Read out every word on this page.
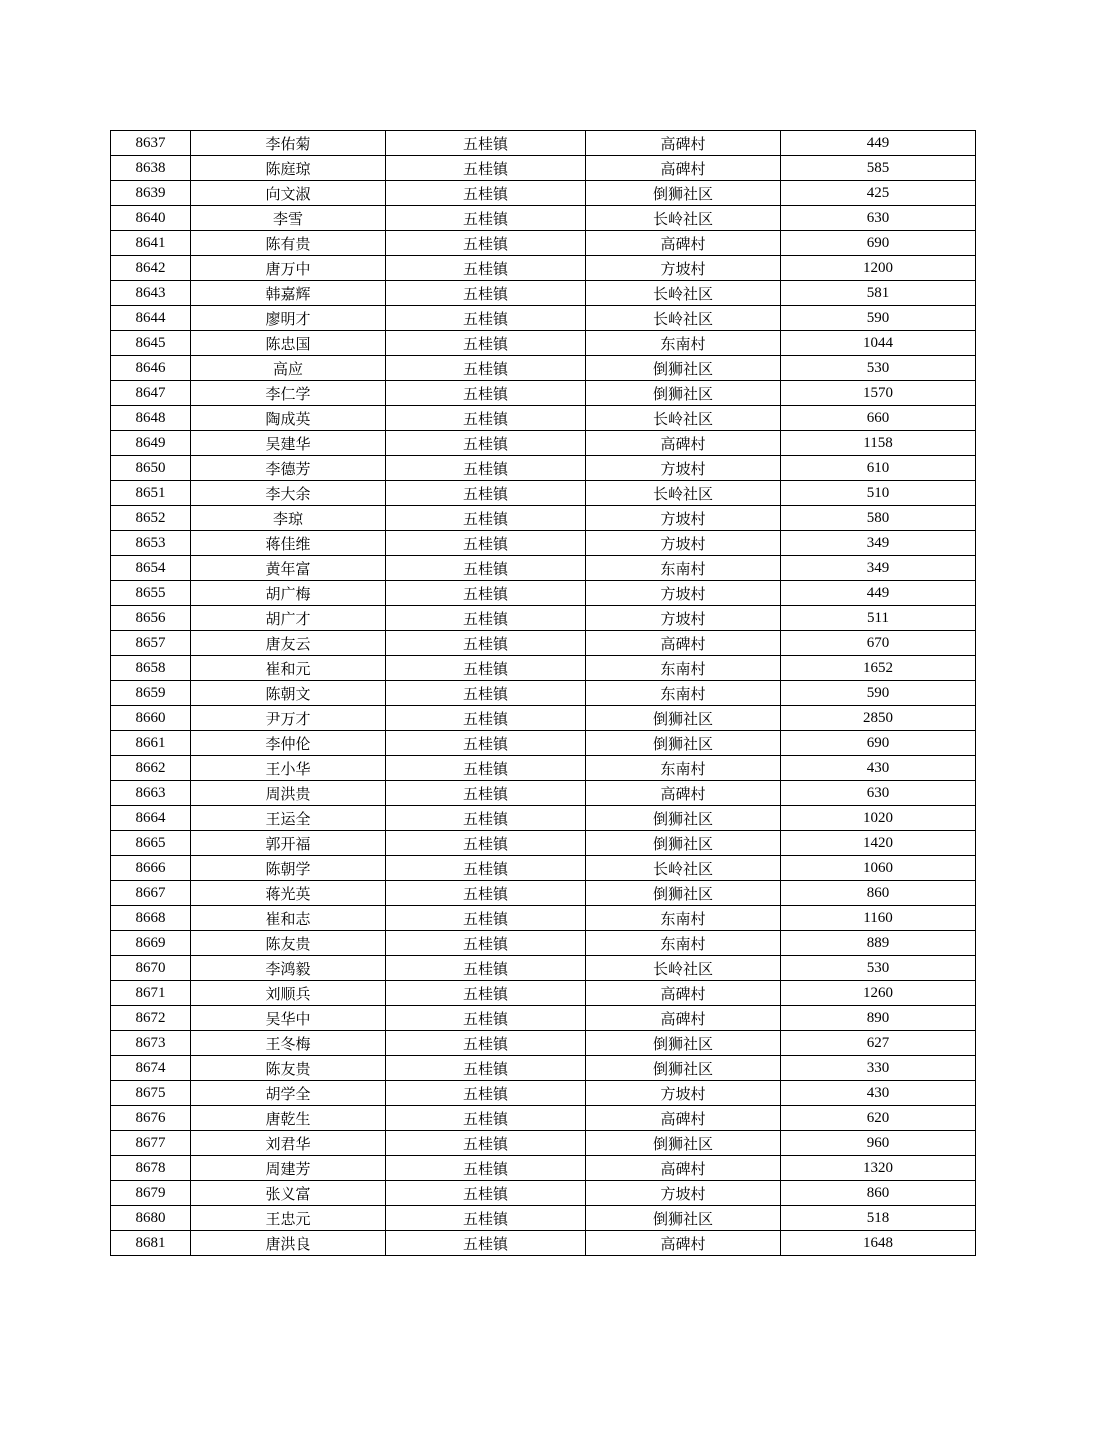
8637	李佑菊	五桂镇	高碑村	449
8638	陈庭琼	五桂镇	高碑村	585
8639	向文淑	五桂镇	倒狮社区	425
8640	李雪	五桂镇	长岭社区	630
8641	陈有贵	五桂镇	高碑村	690
8642	唐万中	五桂镇	方坡村	1200
8643	韩嘉辉	五桂镇	长岭社区	581
8644	廖明才	五桂镇	长岭社区	590
8645	陈忠国	五桂镇	东南村	1044
8646	高应	五桂镇	倒狮社区	530
8647	李仁学	五桂镇	倒狮社区	1570
8648	陶成英	五桂镇	长岭社区	660
8649	吴建华	五桂镇	高碑村	1158
8650	李德芳	五桂镇	方坡村	610
8651	李大余	五桂镇	长岭社区	510
8652	李琼	五桂镇	方坡村	580
8653	蒋佳维	五桂镇	方坡村	349
8654	黄年富	五桂镇	东南村	349
8655	胡广梅	五桂镇	方坡村	449
8656	胡广才	五桂镇	方坡村	511
8657	唐友云	五桂镇	高碑村	670
8658	崔和元	五桂镇	东南村	1652
8659	陈朝文	五桂镇	东南村	590
8660	尹万才	五桂镇	倒狮社区	2850
8661	李仲伦	五桂镇	倒狮社区	690
8662	王小华	五桂镇	东南村	430
8663	周洪贵	五桂镇	高碑村	630
8664	王运全	五桂镇	倒狮社区	1020
8665	郭开福	五桂镇	倒狮社区	1420
8666	陈朝学	五桂镇	长岭社区	1060
8667	蒋光英	五桂镇	倒狮社区	860
8668	崔和志	五桂镇	东南村	1160
8669	陈友贵	五桂镇	东南村	889
8670	李鸿毅	五桂镇	长岭社区	530
8671	刘顺兵	五桂镇	高碑村	1260
8672	吴华中	五桂镇	高碑村	890
8673	王冬梅	五桂镇	倒狮社区	627
8674	陈友贵	五桂镇	倒狮社区	330
8675	胡学全	五桂镇	方坡村	430
8676	唐乾生	五桂镇	高碑村	620
8677	刘君华	五桂镇	倒狮社区	960
8678	周建芳	五桂镇	高碑村	1320
8679	张义富	五桂镇	方坡村	860
8680	王忠元	五桂镇	倒狮社区	518
8681	唐洪良	五桂镇	高碑村	1648
